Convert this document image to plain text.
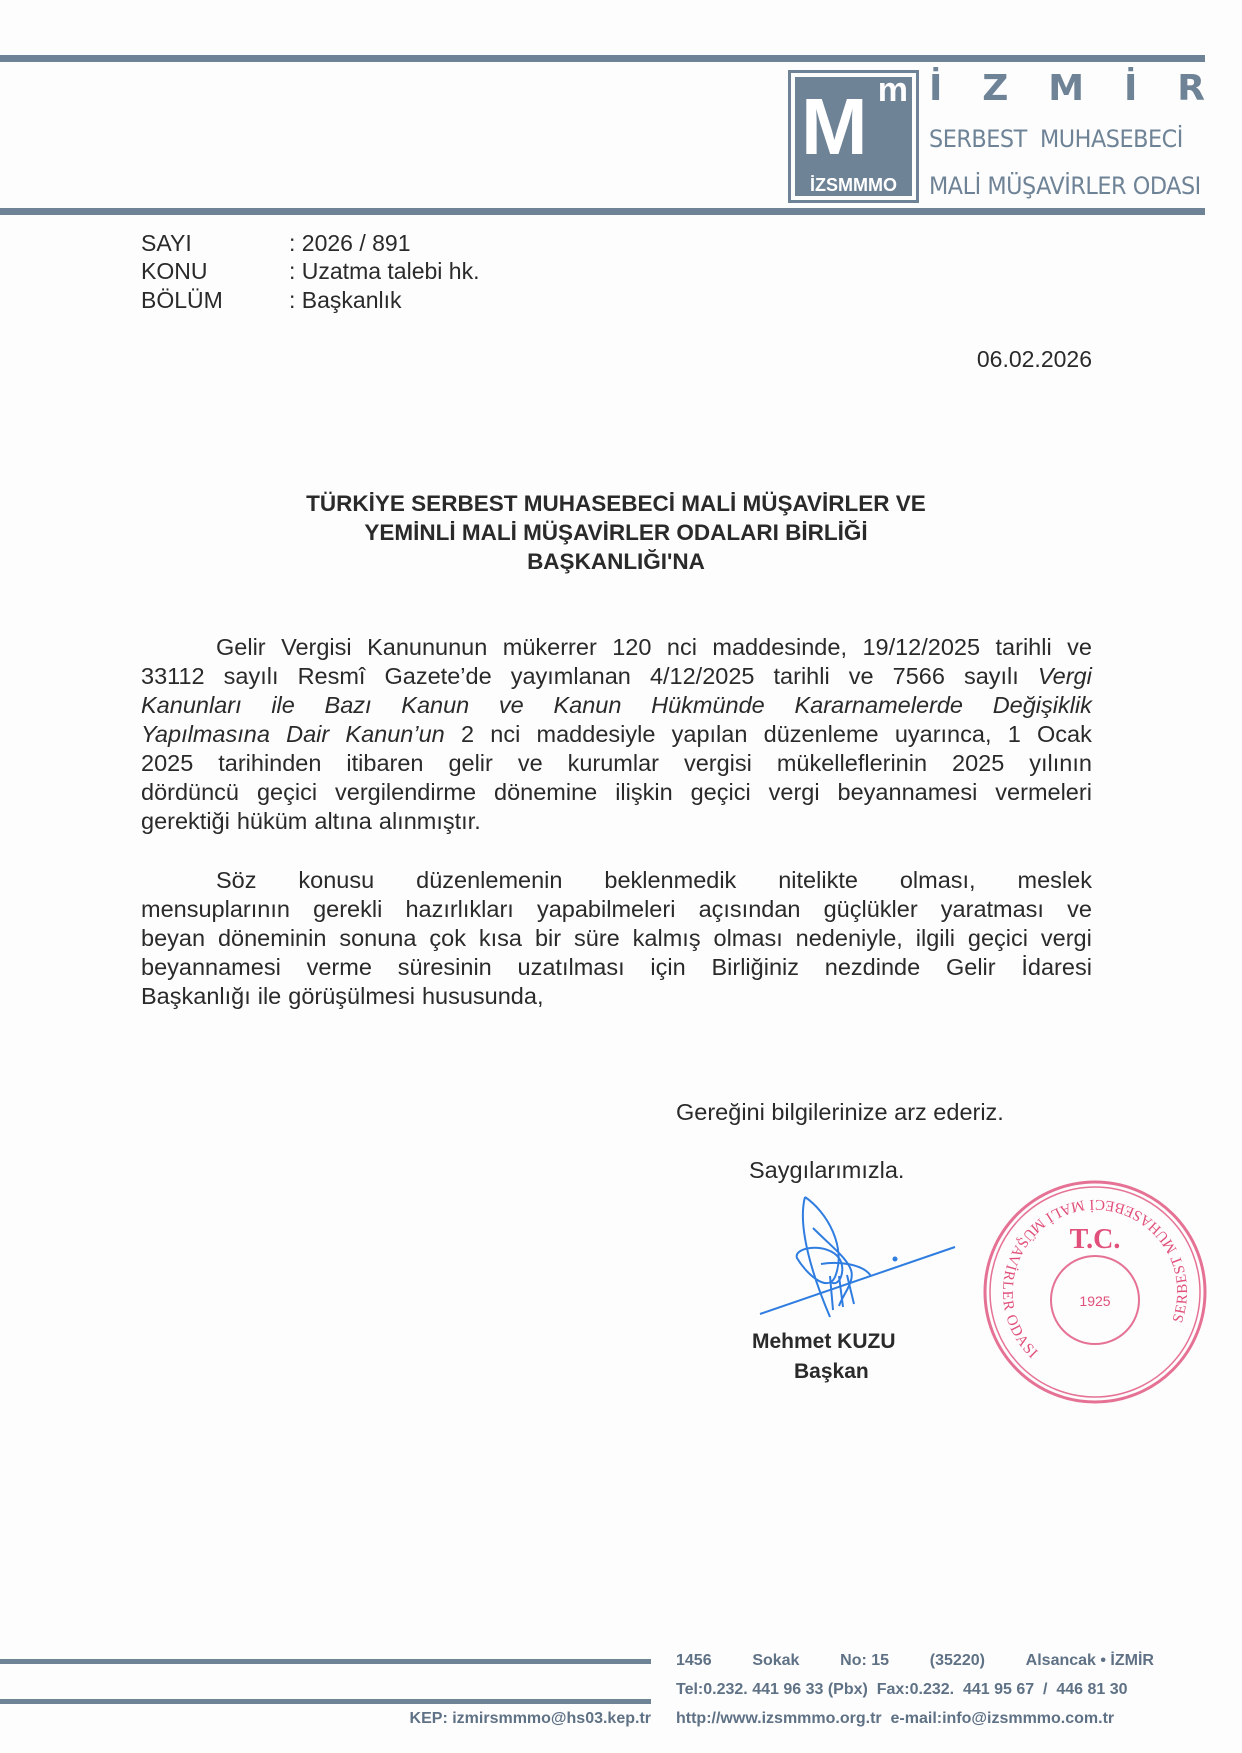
M m
İZSMMMO
İ Z M İ R
SERBEST  MUHASEBECİ
MALİ MÜŞAVİRLER ODASI
SAYI	: 2026 / 891
KONU	: Uzatma talebi hk.
BÖLÜM	: Başkanlık
06.02.2026
TÜRKİYE SERBEST MUHASEBECİ MALİ MÜŞAVİRLER VE
YEMİNLİ MALİ MÜŞAVİRLER ODALARI BİRLİĞİ
BAŞKANLIĞI'NA
Gelir Vergisi Kanununun mükerrer 120 nci maddesinde, 19/12/2025 tarihli ve
33112 sayılı Resmî Gazete’de yayımlanan 4/12/2025 tarihli ve 7566 sayılı Vergi
Kanunları ile Bazı Kanun ve Kanun Hükmünde Kararnamelerde Değişiklik
Yapılmasına Dair Kanun’un 2 nci maddesiyle yapılan düzenleme uyarınca, 1 Ocak
2025 tarihinden itibaren gelir ve kurumlar vergisi mükelleflerinin 2025 yılının
dördüncü geçici vergilendirme dönemine ilişkin geçici vergi beyannamesi vermeleri
gerektiği hüküm altına alınmıştır.
Söz konusu düzenlemenin beklenmedik nitelikte olması, meslek
mensuplarının gerekli hazırlıkları yapabilmeleri açısından güçlükler yaratması ve
beyan döneminin sonuna çok kısa bir süre kalmış olması nedeniyle, ilgili geçici vergi
beyannamesi verme süresinin uzatılması için Birliğiniz nezdinde Gelir İdaresi
Başkanlığı ile görüşülmesi hususunda,
Gereğini bilgilerinize arz ederiz.
Saygılarımızla.
T.C.
SERBEST MUHASEBECİ MALİ MÜŞAVİRLER ODASI
1925
Mehmet KUZU
Başkan
1456	Sokak	No: 15	(35220)	Alsancak • İZMİR
Tel:0.232. 441 96 33 (Pbx)  Fax:0.232.  441 95 67  /  446 81 30
http://www.izsmmmo.org.tr  e-mail:info@izsmmmo.com.tr
KEP: izmirsmmmo@hs03.kep.tr
